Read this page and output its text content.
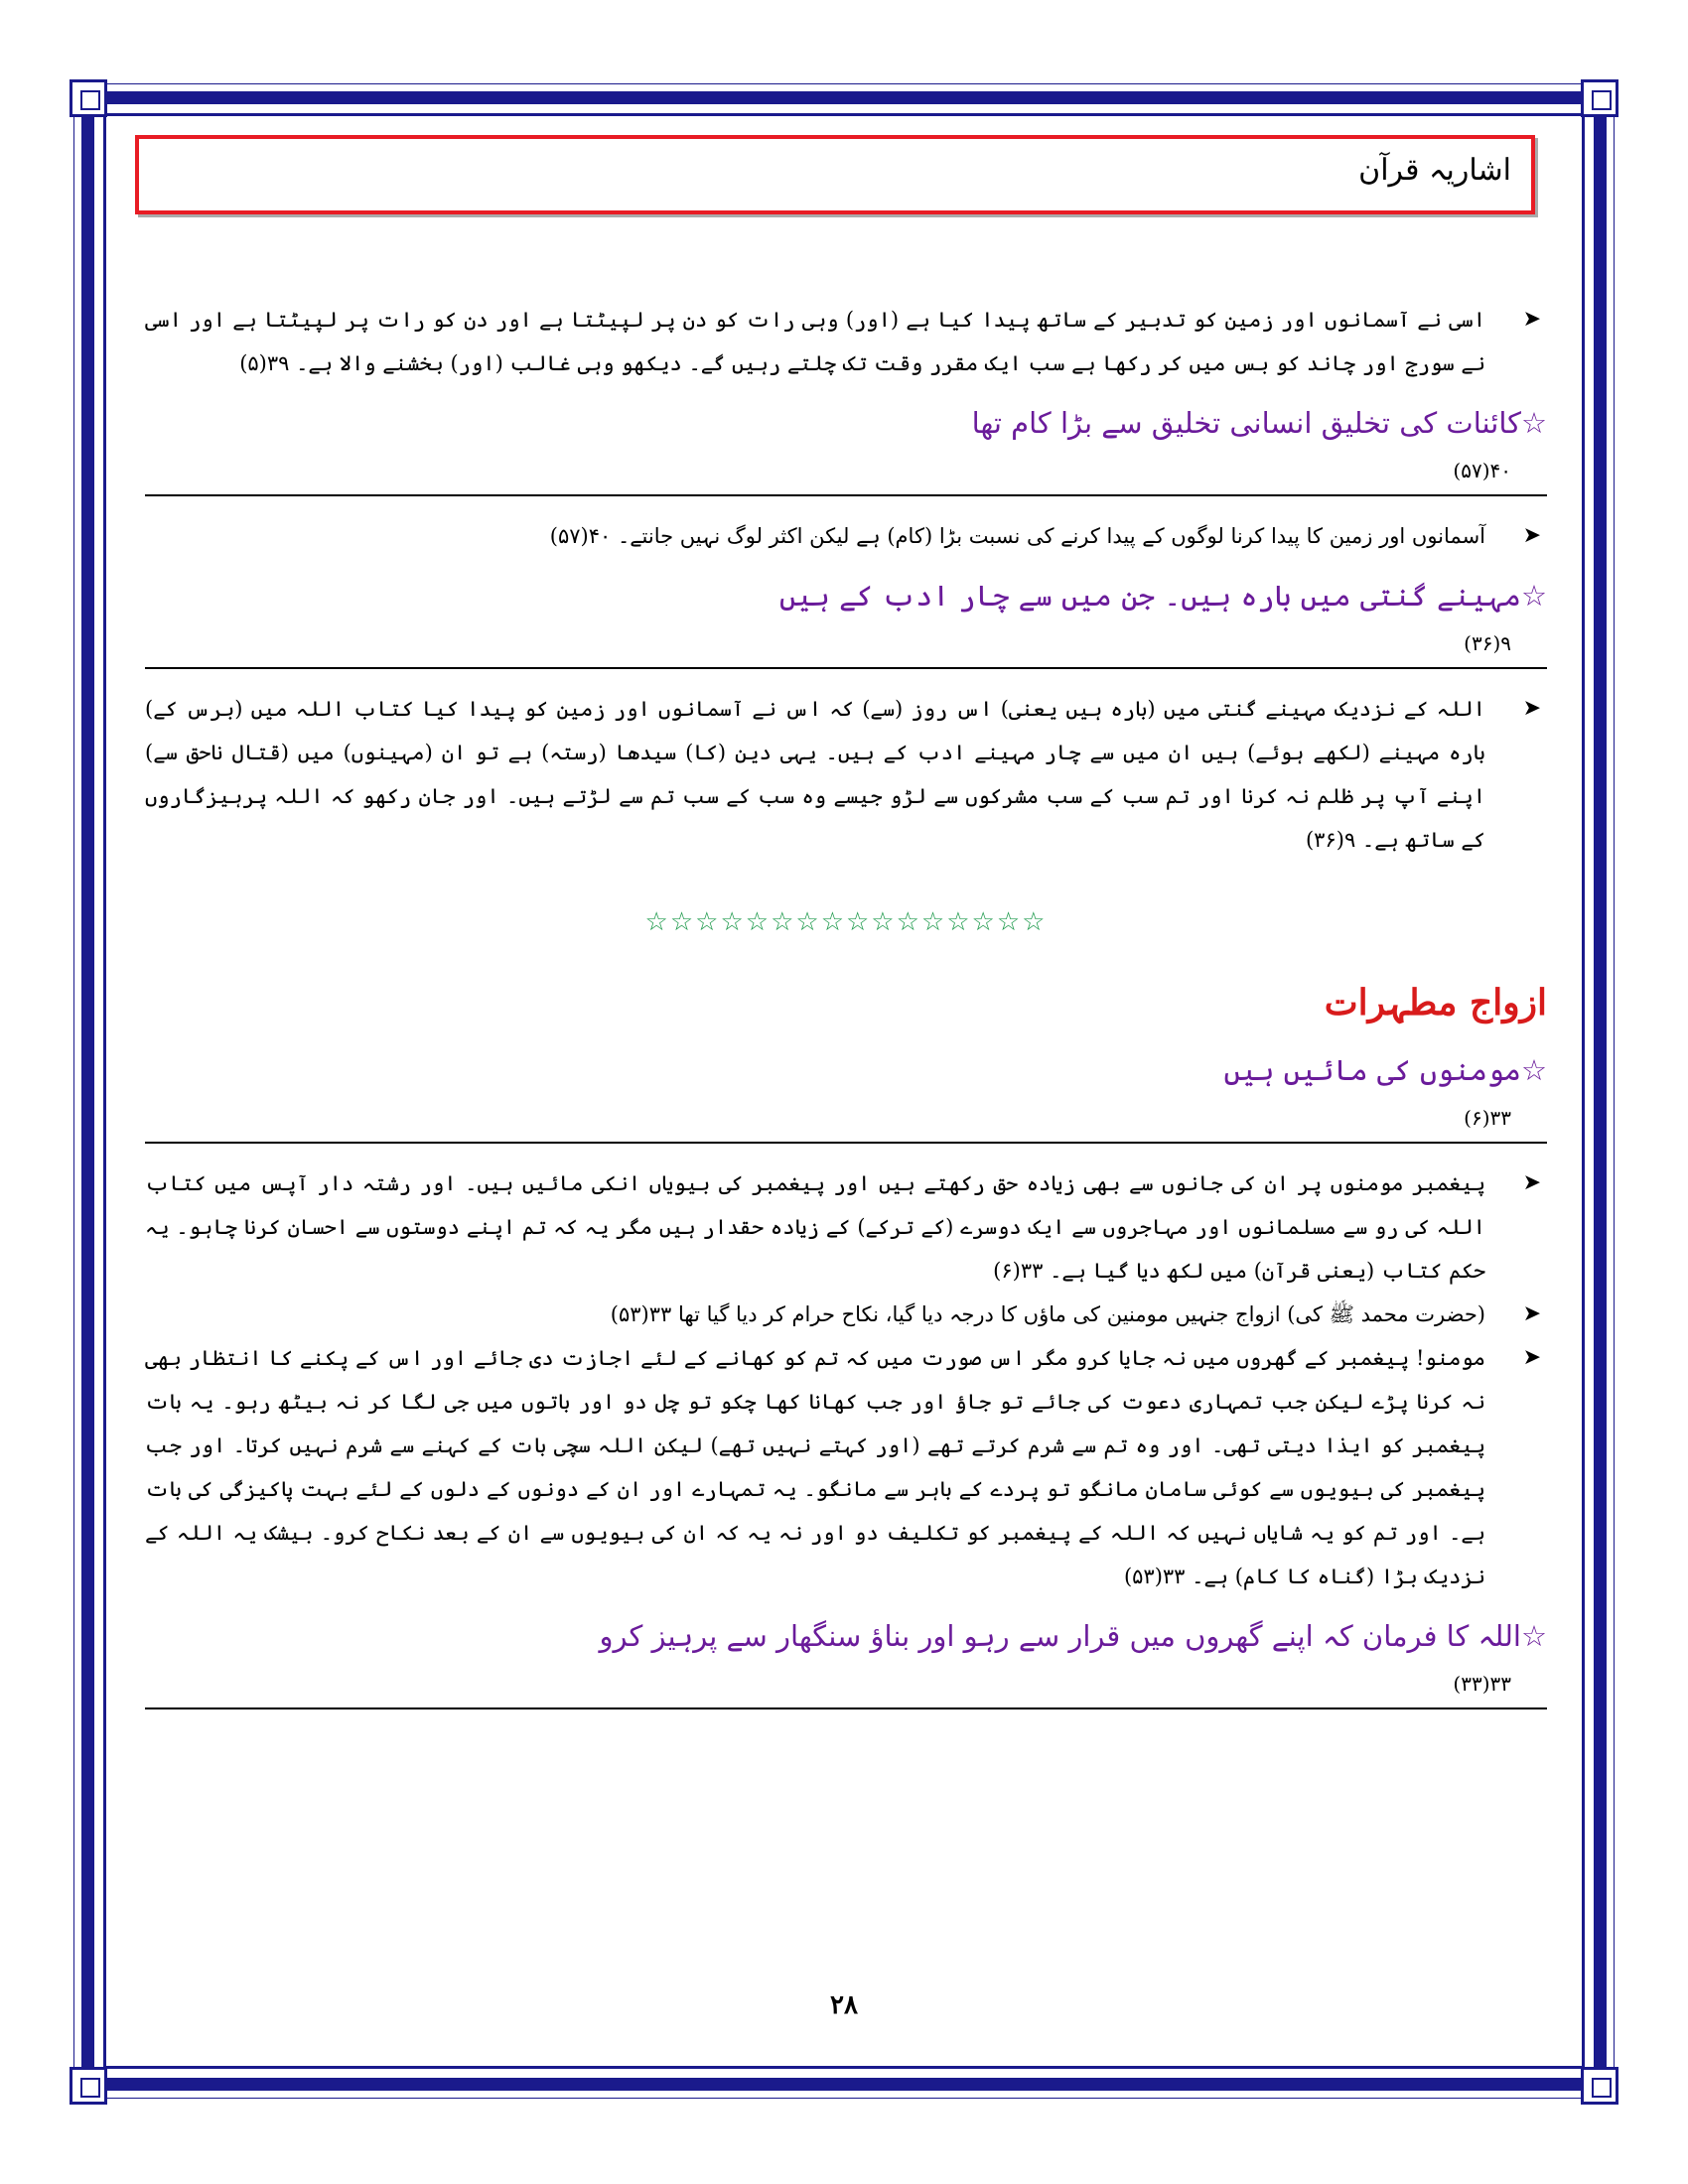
اشاریہ قرآن
➤
اسی نے آسمانوں اور زمین کو تدبیر کے ساتھ پیدا کیا ہے (اور) وہی رات کو دن پر لپیٹتا ہے اور دن کو رات پر لپیٹتا ہے اور اسی نے سورج اور چاند کو بس میں کر رکھا ہے سب ایک مقرر وقت تک چلتے رہیں گے۔ دیکھو وہی غالب (اور) بخشنے والا ہے۔ ۳۹(۵)
☆کائنات کی تخلیق انسانی تخلیق سے بڑا کام تھا
۴۰(۵۷)
➤
آسمانوں اور زمین کا پیدا کرنا لوگوں کے پیدا کرنے کی نسبت بڑا (کام) ہے لیکن اکثر لوگ نہیں جانتے۔ ۴۰(۵۷)
☆مہینے گنتی میں بارہ ہیں۔ جن میں سے چار ادب کے ہیں
۹(۳۶)
➤
اللہ کے نزدیک مہینے گنتی میں (بارہ ہیں یعنی) اس روز (سے) کہ اس نے آسمانوں اور زمین کو پیدا کیا کتاب اللہ میں (برس کے) بارہ مہینے (لکھے ہوئے) ہیں ان میں سے چار مہینے ادب کے ہیں۔ یہی دین (کا) سیدھا (رستہ) ہے تو ان (مہینوں) میں (قتال ناحق سے) اپنے آپ پر ظلم نہ کرنا اور تم سب کے سب مشرکوں سے لڑو جیسے وہ سب کے سب تم سے لڑتے ہیں۔ اور جان رکھو کہ اللہ پرہیزگاروں کے ساتھ ہے۔ ۹(۳۶)
☆☆☆☆☆☆☆☆☆☆☆☆☆☆☆☆
ازواج مطہرات
☆مومنوں کی مائیں ہیں
۳۳(۶)
➤
پیغمبر مومنوں پر ان کی جانوں سے بھی زیادہ حق رکھتے ہیں اور پیغمبر کی بیویاں انکی مائیں ہیں۔ اور رشتہ دار آپس میں کتاب اللہ کی رو سے مسلمانوں اور مہاجروں سے ایک دوسرے (کے ترکے) کے زیادہ حقدار ہیں مگر یہ کہ تم اپنے دوستوں سے احسان کرنا چاہو۔ یہ حکم کتاب (یعنی قرآن) میں لکھ دیا گیا ہے۔ ۳۳(۶)
➤
(حضرت محمد ﷺ کی) ازواج جنہیں مومنین کی ماؤں کا درجہ دیا گیا، نکاح حرام کر دیا گیا تھا ۳۳(۵۳)
➤
مومنو! پیغمبر کے گھروں میں نہ جایا کرو مگر اس صورت میں کہ تم کو کھانے کے لئے اجازت دی جائے اور اس کے پکنے کا انتظار بھی نہ کرنا پڑے لیکن جب تمہاری دعوت کی جائے تو جاؤ اور جب کھانا کھا چکو تو چل دو اور باتوں میں جی لگا کر نہ بیٹھ رہو۔ یہ بات پیغمبر کو ایذا دیتی تھی۔ اور وہ تم سے شرم کرتے تھے (اور کہتے نہیں تھے) لیکن اللہ سچی بات کے کہنے سے شرم نہیں کرتا۔ اور جب پیغمبر کی بیویوں سے کوئی سامان مانگو تو پردے کے باہر سے مانگو۔ یہ تمہارے اور ان کے دونوں کے دلوں کے لئے بہت پاکیزگی کی بات ہے۔ اور تم کو یہ شایاں نہیں کہ اللہ کے پیغمبر کو تکلیف دو اور نہ یہ کہ ان کی بیویوں سے ان کے بعد نکاح کرو۔ بیشک یہ اللہ کے نزدیک بڑا (گناہ کا کام) ہے۔ ۳۳(۵۳)
☆اللہ کا فرمان کہ اپنے گھروں میں قرار سے رہو اور بناؤ سنگھار سے پرہیز کرو
۳۳(۳۳)
۲۸
